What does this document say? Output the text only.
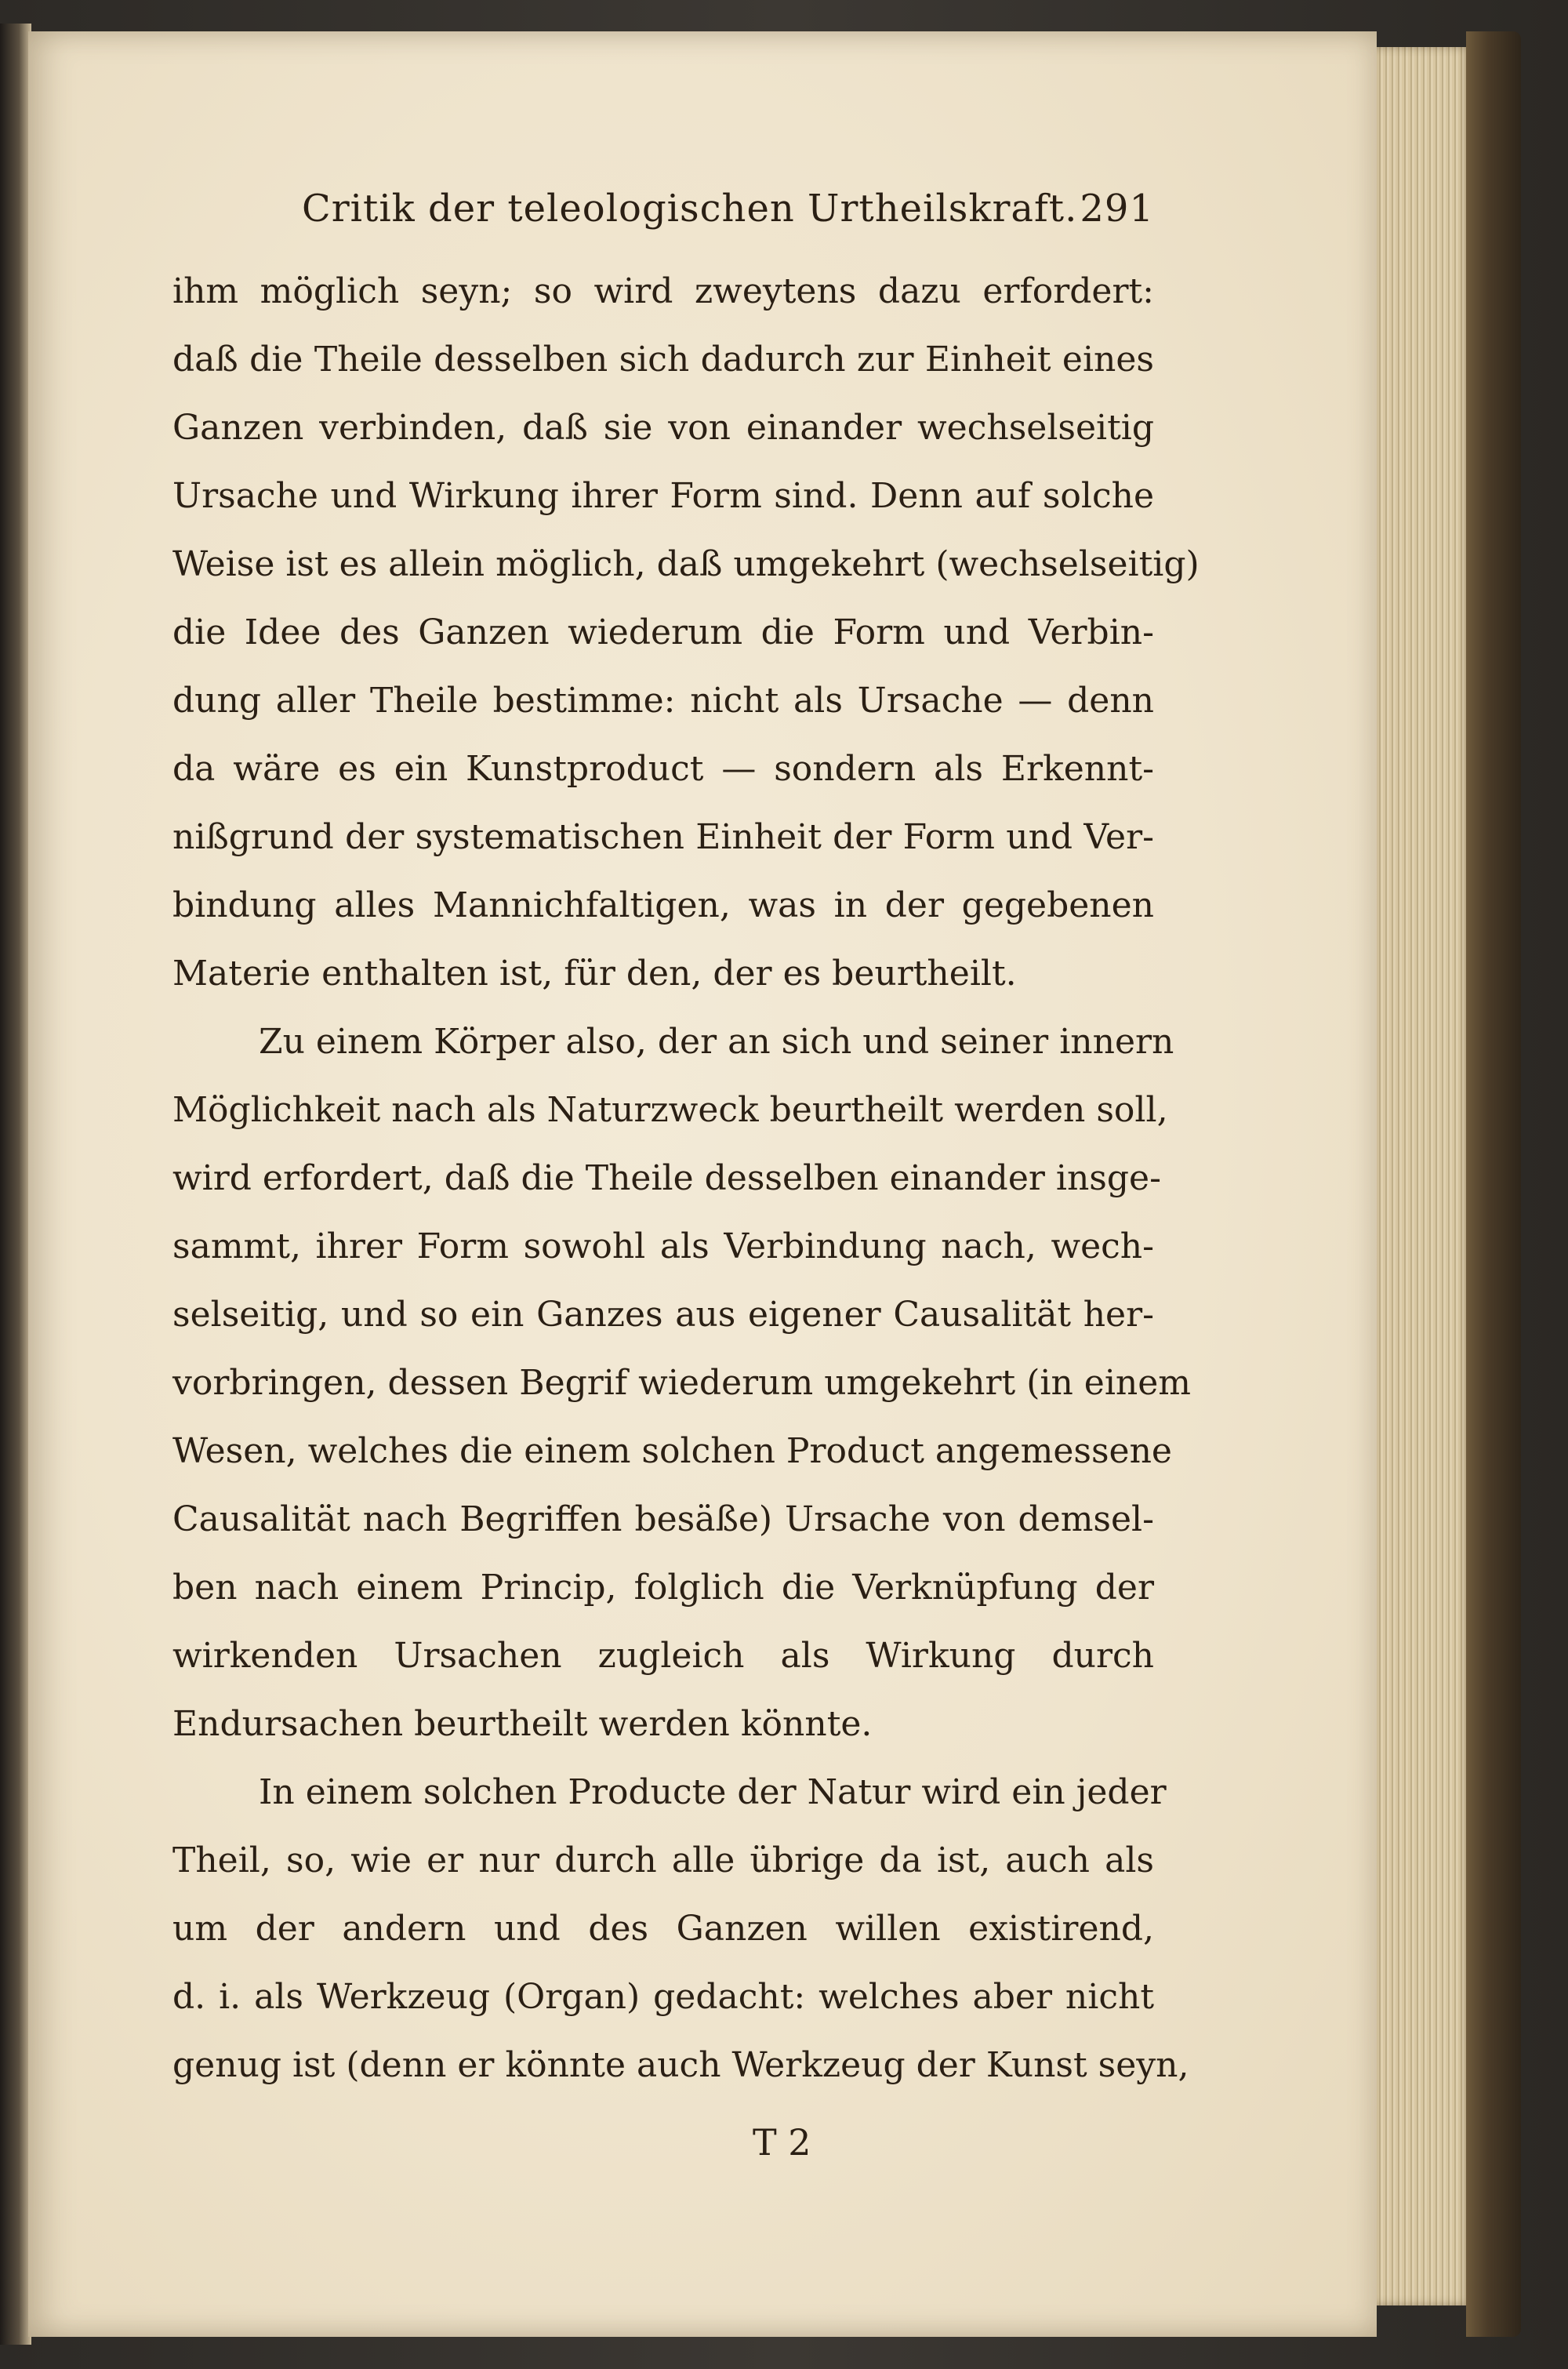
Critik der teleologischen Urtheilskraft. 291
ihm möglich seyn; so wird zweytens dazu erfordert:
daß die Theile desselben sich dadurch zur Einheit eines
Ganzen verbinden, daß sie von einander wechselseitig
Ursache und Wirkung ihrer Form sind. Denn auf solche
Weise ist es allein möglich, daß umgekehrt (wechselseitig)
die Idee des Ganzen wiederum die Form und Verbin-
dung aller Theile bestimme: nicht als Ursache — denn
da wäre es ein Kunstproduct — sondern als Erkennt-
nißgrund der systematischen Einheit der Form und Ver-
bindung alles Mannichfaltigen, was in der gegebenen
Materie enthalten ist, für den, der es beurtheilt.
Zu einem Körper also, der an sich und seiner innern
Möglichkeit nach als Naturzweck beurtheilt werden soll,
wird erfordert, daß die Theile desselben einander insge-
sammt, ihrer Form sowohl als Verbindung nach, wech-
selseitig, und so ein Ganzes aus eigener Causalität her-
vorbringen, dessen Begrif wiederum umgekehrt (in einem
Wesen, welches die einem solchen Product angemessene
Causalität nach Begriffen besäße) Ursache von demsel-
ben nach einem Princip, folglich die Verknüpfung der
wirkenden Ursachen zugleich als Wirkung durch
Endursachen beurtheilt werden könnte.
In einem solchen Producte der Natur wird ein jeder
Theil, so, wie er nur durch alle übrige da ist, auch als
um der andern und des Ganzen willen existirend,
d. i. als Werkzeug (Organ) gedacht: welches aber nicht
genug ist (denn er könnte auch Werkzeug der Kunst seyn,
T 2
